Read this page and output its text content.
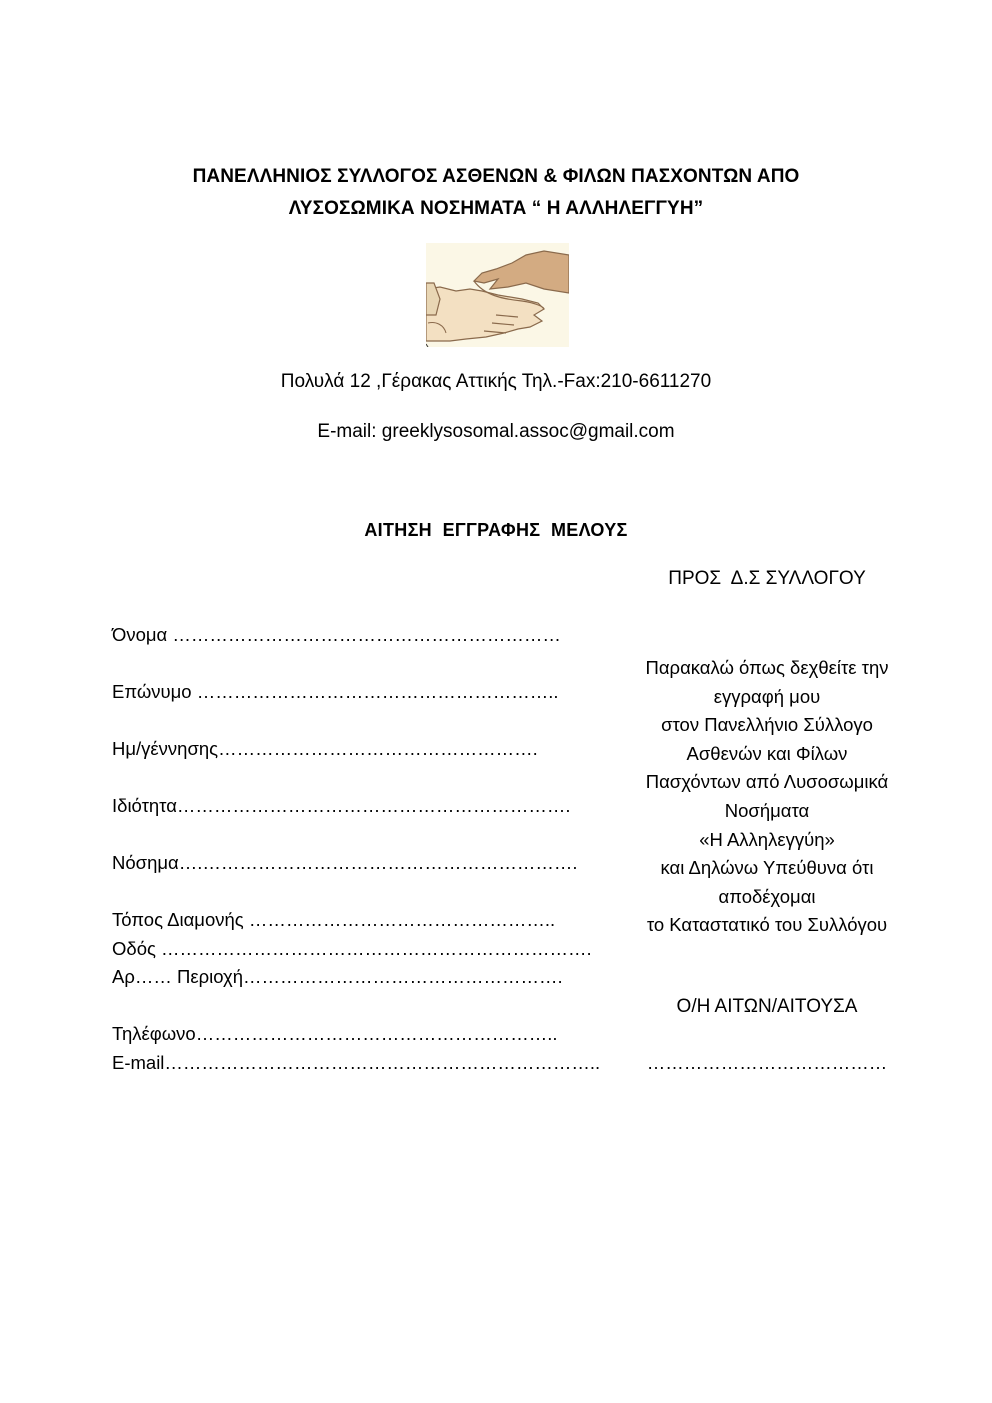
ΠΑΝΕΛΛΗΝΙΟΣ ΣΥΛΛΟΓΟΣ ΑΣΘΕΝΩΝ & ΦΙΛΩΝ ΠΑΣΧΟΝΤΩΝ ΑΠΟ
ΛΥΣΟΣΩΜΙΚΑ ΝΟΣΗΜΑΤΑ “ Η ΑΛΛΗΛΕΓΓΥΗ”
Πολυλά 12 ,Γέρακας Αττικής Τηλ.-Fax:210-6611270
E-mail: greeklysosomal.assoc@gmail.com
ΑΙΤΗΣΗ  ΕΓΓΡΑΦΗΣ  ΜΕΛΟΥΣ
ΠΡΟΣ  Δ.Σ ΣΥΛΛΟΓΟΥ
Όνομα ………………………………………………………
Επώνυμο …………………………………………………..
Ημ/γέννησης…………………………………………….
Ιδιότητα……………………………………………………….
Νόσημα….…………………………………………………….
Τόπος Διαμονής …………………………………………..
Οδός …………………………………………………………….
Αρ…… Περιοχή…………………………………………….
Τηλέφωνο…………………………………………………..
E-mail……………………………………………………………..
Παρακαλώ όπως δεχθείτε την
εγγραφή μου
στον Πανελλήνιο Σύλλογο
Ασθενών και Φίλων
Πασχόντων από Λυσοσωμικά
Νοσήματα
«Η Αλληλεγγύη»
και Δηλώνω Υπεύθυνα ότι
αποδέχομαι
το Καταστατικό του Συλλόγου
Ο/Η ΑΙΤΩΝ/ΑΙΤΟΥΣΑ
…………………………………
